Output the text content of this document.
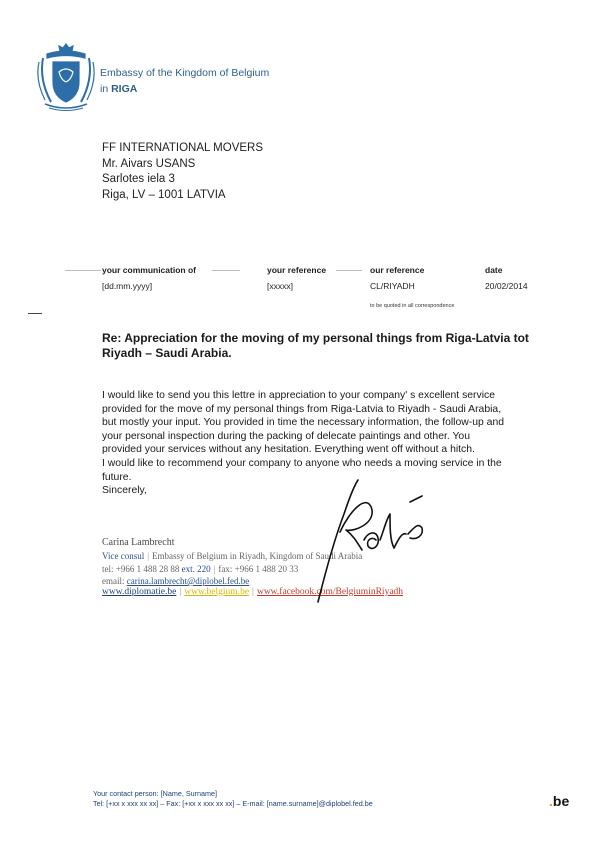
Embassy of the Kingdom of Belgium
in RIGA
FF INTERNATIONAL MOVERS
Mr. Aivars USANS
Sarlotes iela 3
Riga, LV – 1001 LATVIA
your communication of	your reference	our reference	date
[dd.mm.yyyy]	[xxxxx]	CL/RIYADH	20/02/2014
to be quoted in all correspondence
Re: Appreciation for the moving of my personal things from Riga-Latvia tot Riyadh – Saudi Arabia.

I would like to send you this lettre in appreciation to your company' s excellent service

provided for the move of my personal things from Riga-Latvia to Riyadh - Saudi Arabia,

but mostly your input. You provided in time the necessary information, the follow-up and

your personal inspection during the packing of delecate paintings and other. You

provided your services without any hesitation. Everything went off without a hitch.

I would like to recommend your company to anyone who needs a moving service in the

future.

Sincerely,

Carina Lambrecht
Vice consul | Embassy of Belgium in Riyadh, Kingdom of Saudi Arabia
tel: +966 1 488 28 88 ext. 220 | fax: +966 1 488 20 33
email: carina.lambrecht@diplobel.fed.be
www.diplomatie.be | www.belgium.be | www.facebook.com/BelgiuminRiyadh
Your contact person: [Name, Surname]
Tel: [+xx x xxx xx xx] – Fax: [+xx x xxx xx xx] – E-mail: [name.surname]@diplobel.fed.be	.be
